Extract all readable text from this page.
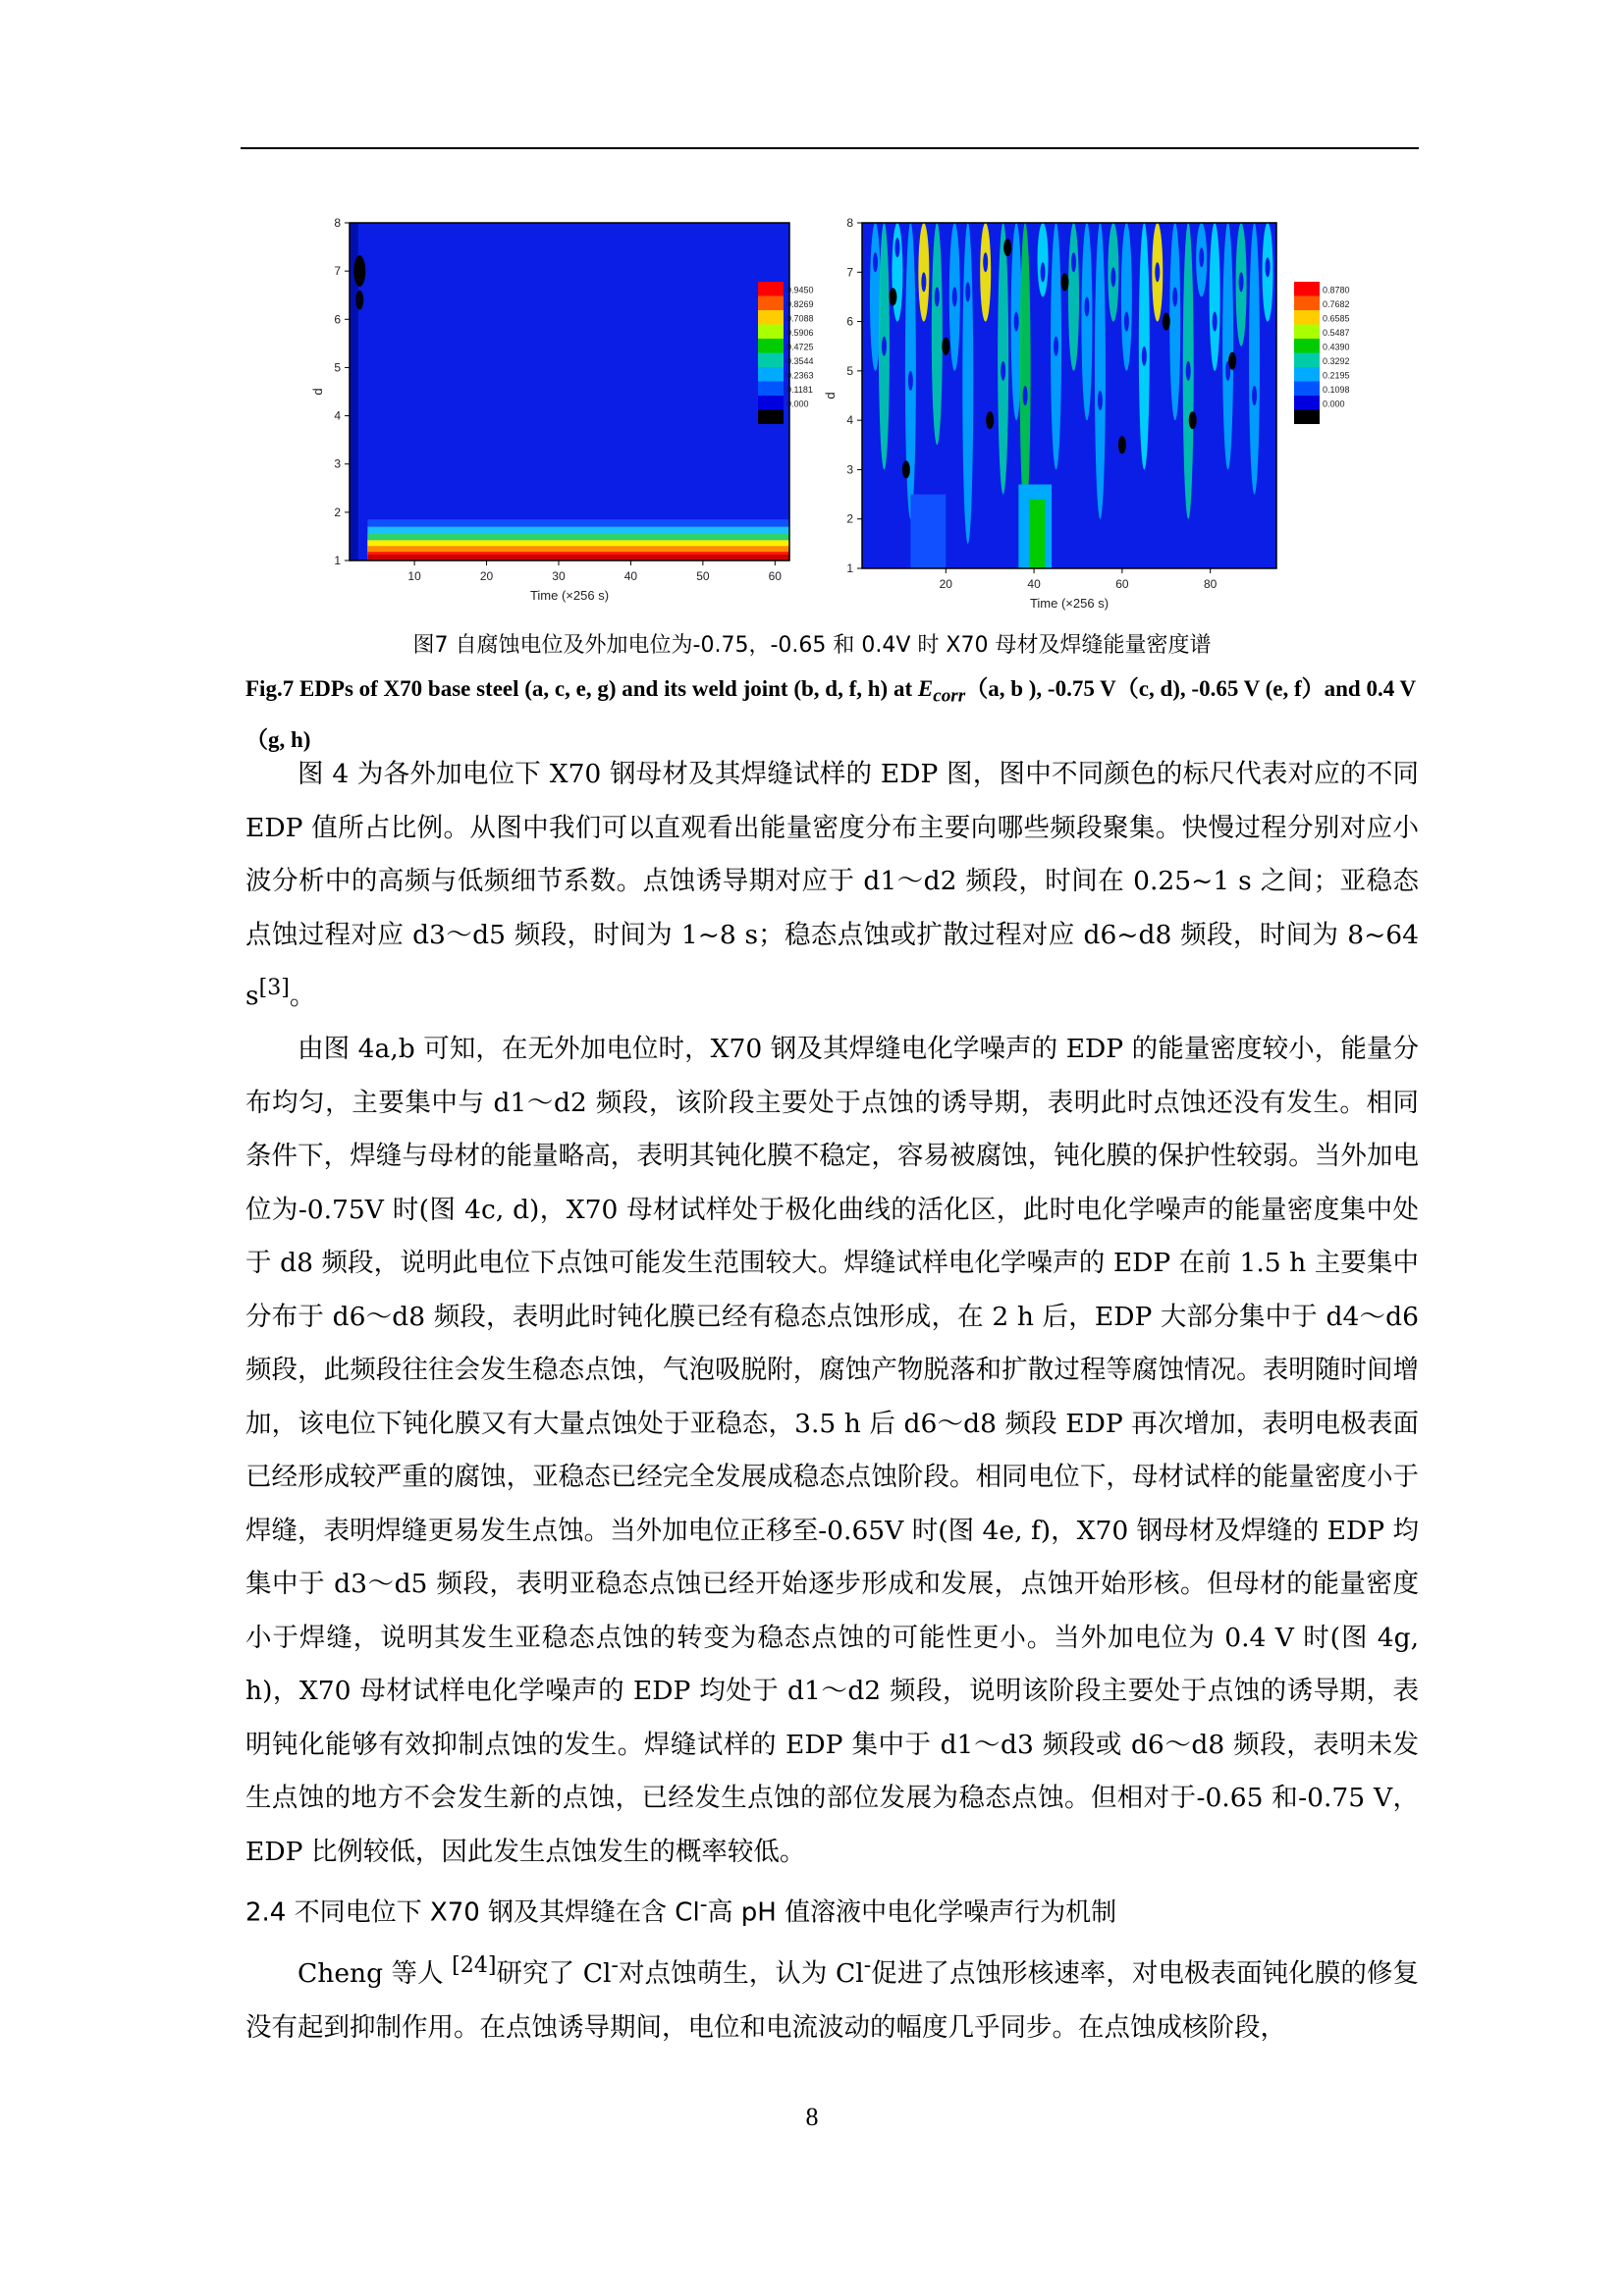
1
2
3
4
5
6
7
8
10	20	30	40	50	60
Time (×256 s)
d
0.9450
0.8269
0.7088
0.5906
0.4725
0.3544
0.2363
0.1181
0.000
1
2
3
4
5
6
7
8
20	40	60	80
Time (×256 s)
d
0.8780
0.7682
0.6585
0.5487
0.4390
0.3292
0.2195
0.1098
0.000
图7 自腐蚀电位及外加电位为-0.75，-0.65 和 0.4V 时 X70 母材及焊缝能量密度谱
Fig.7 EDPs of X70 base steel (a, c, e, g) and its weld joint (b, d, f, h) at $E_{corr}(a$, b ), -0.75 V（c, d), -0.65 V (e, f）and 0.4 V（g, h)

图 4 为各外加电位下 X70 钢母材及其焊缝试样的 EDP 图，图中不同颜色的标尺代表对应的不同 EDP 值所占比例。从图中我们可以直观看出能量密度分布主要向哪些频段聚集。快慢过程分别对应小波分析中的高频与低频细节系数。点蚀诱导期对应于 d1～d2 频段，时间在 0.25~1 s 之间；亚稳态点蚀过程对应 d3～d5 频段，时间为 1~8 s；稳态点蚀或扩散过程对应 d6~d8 频段，时间为 8~64 s[3]。

由图 4a,b 可知，在无外加电位时，X70 钢及其焊缝电化学噪声的 EDP 的能量密度较小，能量分布均匀，主要集中与 d1～d2 频段，该阶段主要处于点蚀的诱导期，表明此时点蚀还没有发生。相同条件下，焊缝与母材的能量略高，表明其钝化膜不稳定，容易被腐蚀，钝化膜的保护性较弱。当外加电位为-0.75V 时(图 4c, d)，X70 母材试样处于极化曲线的活化区，此时电化学噪声的能量密度集中处于 d8 频段，说明此电位下点蚀可能发生范围较大。焊缝试样电化学噪声的 EDP 在前 1.5 h 主要集中分布于 d6～d8 频段，表明此时钝化膜已经有稳态点蚀形成，在 2 h 后，EDP 大部分集中于 d4～d6 频段，此频段往往会发生稳态点蚀，气泡吸脱附，腐蚀产物脱落和扩散过程等腐蚀情况。表明随时间增加，该电位下钝化膜又有大量点蚀处于亚稳态，3.5 h 后 d6～d8 频段 EDP 再次增加，表明电极表面已经形成较严重的腐蚀，亚稳态已经完全发展成稳态点蚀阶段。相同电位下，母材试样的能量密度小于焊缝，表明焊缝更易发生点蚀。当外加电位正移至-0.65V 时(图 4e, f)，X70 钢母材及焊缝的 EDP 均集中于 d3～d5 频段，表明亚稳态点蚀已经开始逐步形成和发展，点蚀开始形核。但母材的能量密度小于焊缝，说明其发生亚稳态点蚀的转变为稳态点蚀的可能性更小。当外加电位为 0.4 V 时(图 4g, h)，X70 母材试样电化学噪声的 EDP 均处于 d1～d2 频段，说明该阶段主要处于点蚀的诱导期，表明钝化能够有效抑制点蚀的发生。焊缝试样的 EDP 集中于 d1～d3 频段或 d6～d8 频段，表明未发生点蚀的地方不会发生新的点蚀，已经发生点蚀的部位发展为稳态点蚀。但相对于-0.65 和-0.75 V，EDP 比例较低，因此发生点蚀发生的概率较低。

2.4 不同电位下 X70 钢及其焊缝在含 Cl-高 pH 值溶液中电化学噪声行为机制

Cheng 等人 [24]研究了 Cl-对点蚀萌生，认为 Cl-促进了点蚀形核速率，对电极表面钝化膜的修复没有起到抑制作用。在点蚀诱导期间，电位和电流波动的幅度几乎同步。在点蚀成核阶段，

8
